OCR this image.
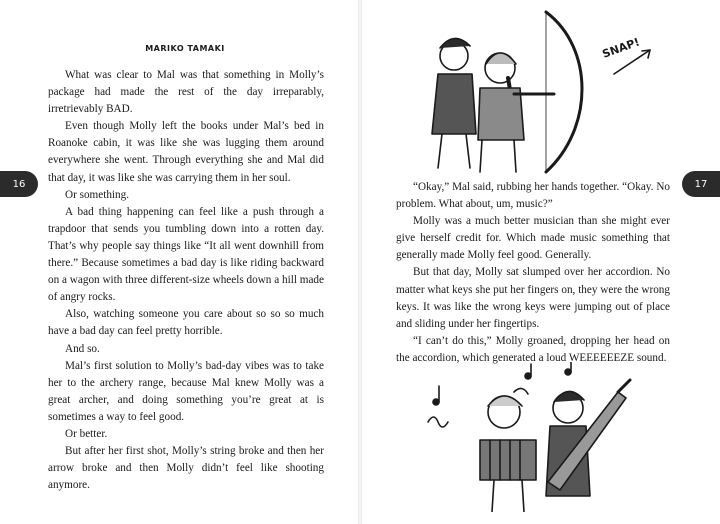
MARIKO TAMAKI

What was clear to Mal was that something in Molly’s package had made the rest of the day irreparably, irretrievably BAD.

Even though Molly left the books under Mal’s bed in Roanoke cabin, it was like she was lugging them around everywhere she went. Through everything she and Mal did that day, it was like she was carrying them in her soul.

Or something.

A bad thing happening can feel like a push through a trapdoor that sends you tumbling down into a rotten day. That’s why people say things like “It all went downhill from there.” Because sometimes a bad day is like riding backward on a wagon with three different-size wheels down a hill made of angry rocks.

Also, watching someone you care about so so so much have a bad day can feel pretty horrible.

And so.

Mal’s first solution to Molly’s bad-day vibes was to take her to the archery range, because Mal knew Molly was a great archer, and doing something you’re great at is sometimes a way to feel good.

Or better.

But after her first shot, Molly’s string broke and then her arrow broke and then Molly didn’t feel like shooting anymore.

16	“Okay,” Mal said, rubbing her hands together. “Okay. No problem. What about, um, music?”

Molly was a much better musician than she might ever give herself credit for. Which made music something that generally made Molly feel good. Generally.

But that day, Molly sat slumped over her accordion. No matter what keys she put her fingers on, they were the wrong keys. It was like the wrong keys were jumping out of place and sliding under her fingertips.

“I can’t do this,” Molly groaned, dropping her head on the accordion, which generated a loud WEEEEEEZE sound.

17
SNAP!
